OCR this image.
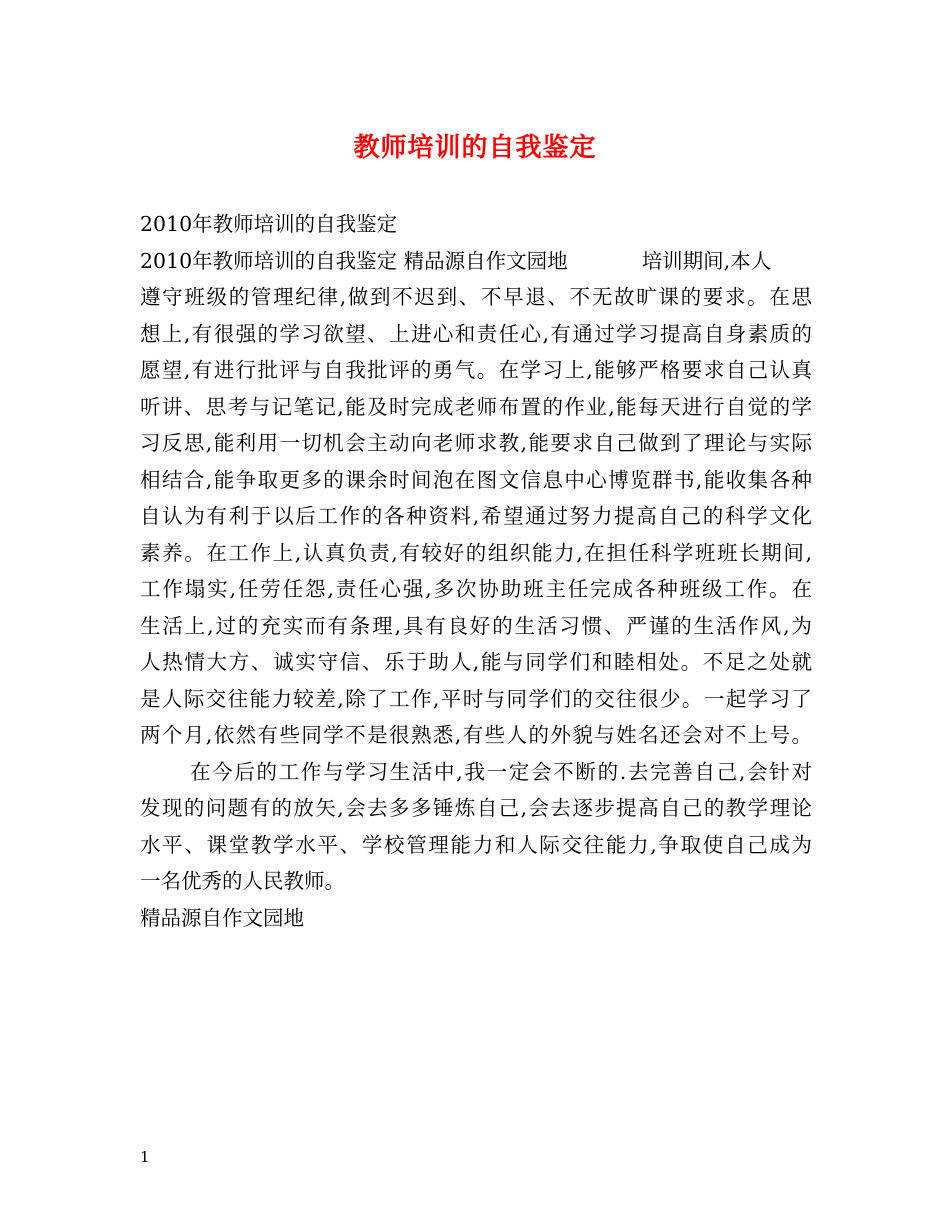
教师培训的自我鉴定
2010年教师培训的自我鉴定
2010年教师培训的自我鉴定 精品源自作文园地	培训期间,本人
遵守班级的管理纪律,做到不迟到、不早退、不无故旷课的要求。在思
想上,有很强的学习欲望、上进心和责任心,有通过学习提高自身素质的
愿望,有进行批评与自我批评的勇气。在学习上,能够严格要求自己认真
听讲、思考与记笔记,能及时完成老师布置的作业,能每天进行自觉的学
习反思,能利用一切机会主动向老师求教,能要求自己做到了理论与实际
相结合,能争取更多的课余时间泡在图文信息中心博览群书,能收集各种
自认为有利于以后工作的各种资料,希望通过努力提高自己的科学文化
素养。在工作上,认真负责,有较好的组织能力,在担任科学班班长期间,
工作塌实,任劳任怨,责任心强,多次协助班主任完成各种班级工作。在
生活上,过的充实而有条理,具有良好的生活习惯、严谨的生活作风,为
人热情大方、诚实守信、乐于助人,能与同学们和睦相处。不足之处就
是人际交往能力较差,除了工作,平时与同学们的交往很少。一起学习了
两个月,依然有些同学不是很熟悉,有些人的外貌与姓名还会对不上号。
在今后的工作与学习生活中,我一定会不断的.去完善自己,会针对
发现的问题有的放矢,会去多多锤炼自己,会去逐步提高自己的教学理论
水平、课堂教学水平、学校管理能力和人际交往能力,争取使自己成为
一名优秀的人民教师。
精品源自作文园地
1
